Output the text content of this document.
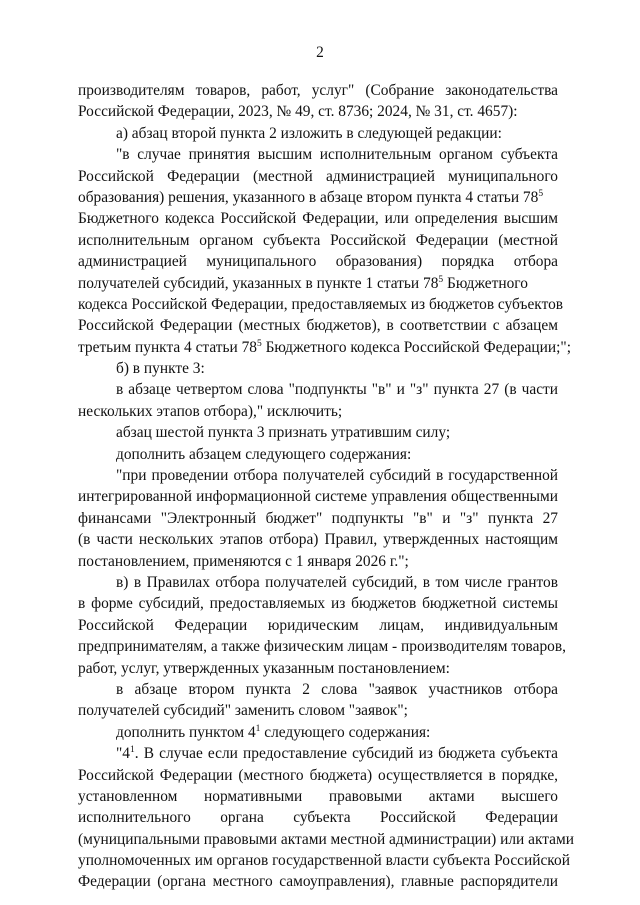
2
производителям товаров, работ, услуг" (Собрание законодательства
Российской Федерации, 2023, № 49, ст. 8736; 2024, № 31, ст. 4657):
а) абзац второй пункта 2 изложить в следующей редакции:
"в случае принятия высшим исполнительным органом субъекта
Российской Федерации (местной администрацией муниципального
образования) решения, указанного в абзаце втором пункта 4 статьи $78^5$
Бюджетного кодекса Российской Федерации, или определения высшим
исполнительным органом субъекта Российской Федерации (местной
администрацией муниципального образования) порядка отбора
получателей субсидий, указанных в пункте 1 статьи $78^5$ Бюджетного
кодекса Российской Федерации, предоставляемых из бюджетов субъектов
Российской Федерации (местных бюджетов), в соответствии с абзацем
третьим пункта 4 статьи $78^5$ Бюджетного кодекса Российской Федерации;";
б) в пункте 3:
в абзаце четвертом слова "подпункты "в" и "з" пункта 27 (в части
нескольких этапов отбора)," исключить;
абзац шестой пункта 3 признать утратившим силу;
дополнить абзацем следующего содержания:
"при проведении отбора получателей субсидий в государственной
интегрированной информационной системе управления общественными
финансами "Электронный бюджет" подпункты "в" и "з" пункта 27
(в части нескольких этапов отбора) Правил, утвержденных настоящим
постановлением, применяются с 1 января 2026 г.";
в) в Правилах отбора получателей субсидий, в том числе грантов
в форме субсидий, предоставляемых из бюджетов бюджетной системы
Российской Федерации юридическим лицам, индивидуальным
предпринимателям, а также физическим лицам - производителям товаров,
работ, услуг, утвержденных указанным постановлением:
в абзаце втором пункта 2 слова "заявок участников отбора
получателей субсидий" заменить словом "заявок";
дополнить пунктом $4^1$ следующего содержания:
"$4^1$. В случае если предоставление субсидий из бюджета субъекта
Российской Федерации (местного бюджета) осуществляется в порядке,
установленном нормативными правовыми актами высшего
исполнительного органа субъекта Российской Федерации
(муниципальными правовыми актами местной администрации) или актами
уполномоченных им органов государственной власти субъекта Российской
Федерации (органа местного самоуправления), главные распорядители
